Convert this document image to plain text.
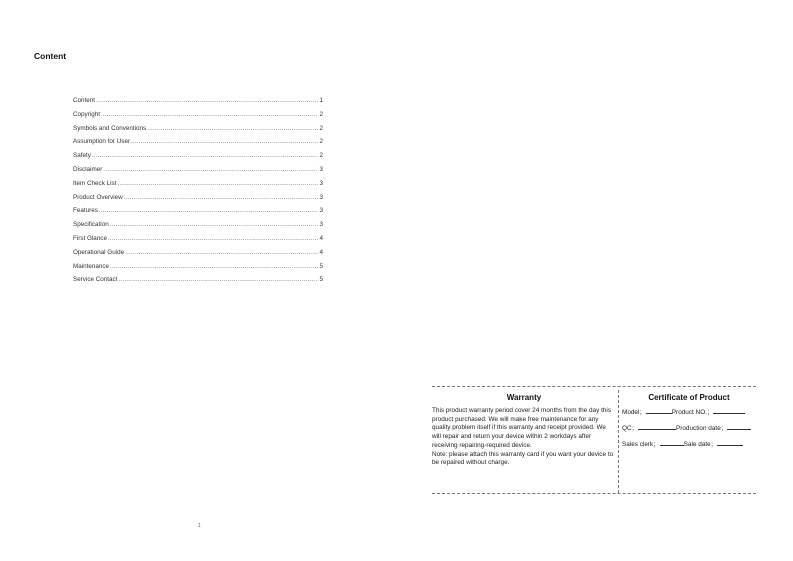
Content
Content .....	1
Copyright .....	2
Symbols and Conventions .....	2
Assumption for User .....	2
Safety .....	2
Disclaimer .....	3
Item Check List .....	3
Product Overview .....	3
Features .....	3
Specification .....	3
First Glance .....	4
Operational Guide .....	4
Maintenance .....	5
Service Contact .....	5
1
Warranty

This product warranty period cover 24 months from the day this product purchased. We will make free maintenance for any quality problem itself if this warranty and receipt provided. We will repair and return your device within 2 workdays after receiving repairing-required device.
Note: please attach this warranty card if you want your device to be repaired without charge.

Certificate of Product
Model；	Product NO.；
QC；	Production date；
Sales clerk；	Sale date；
